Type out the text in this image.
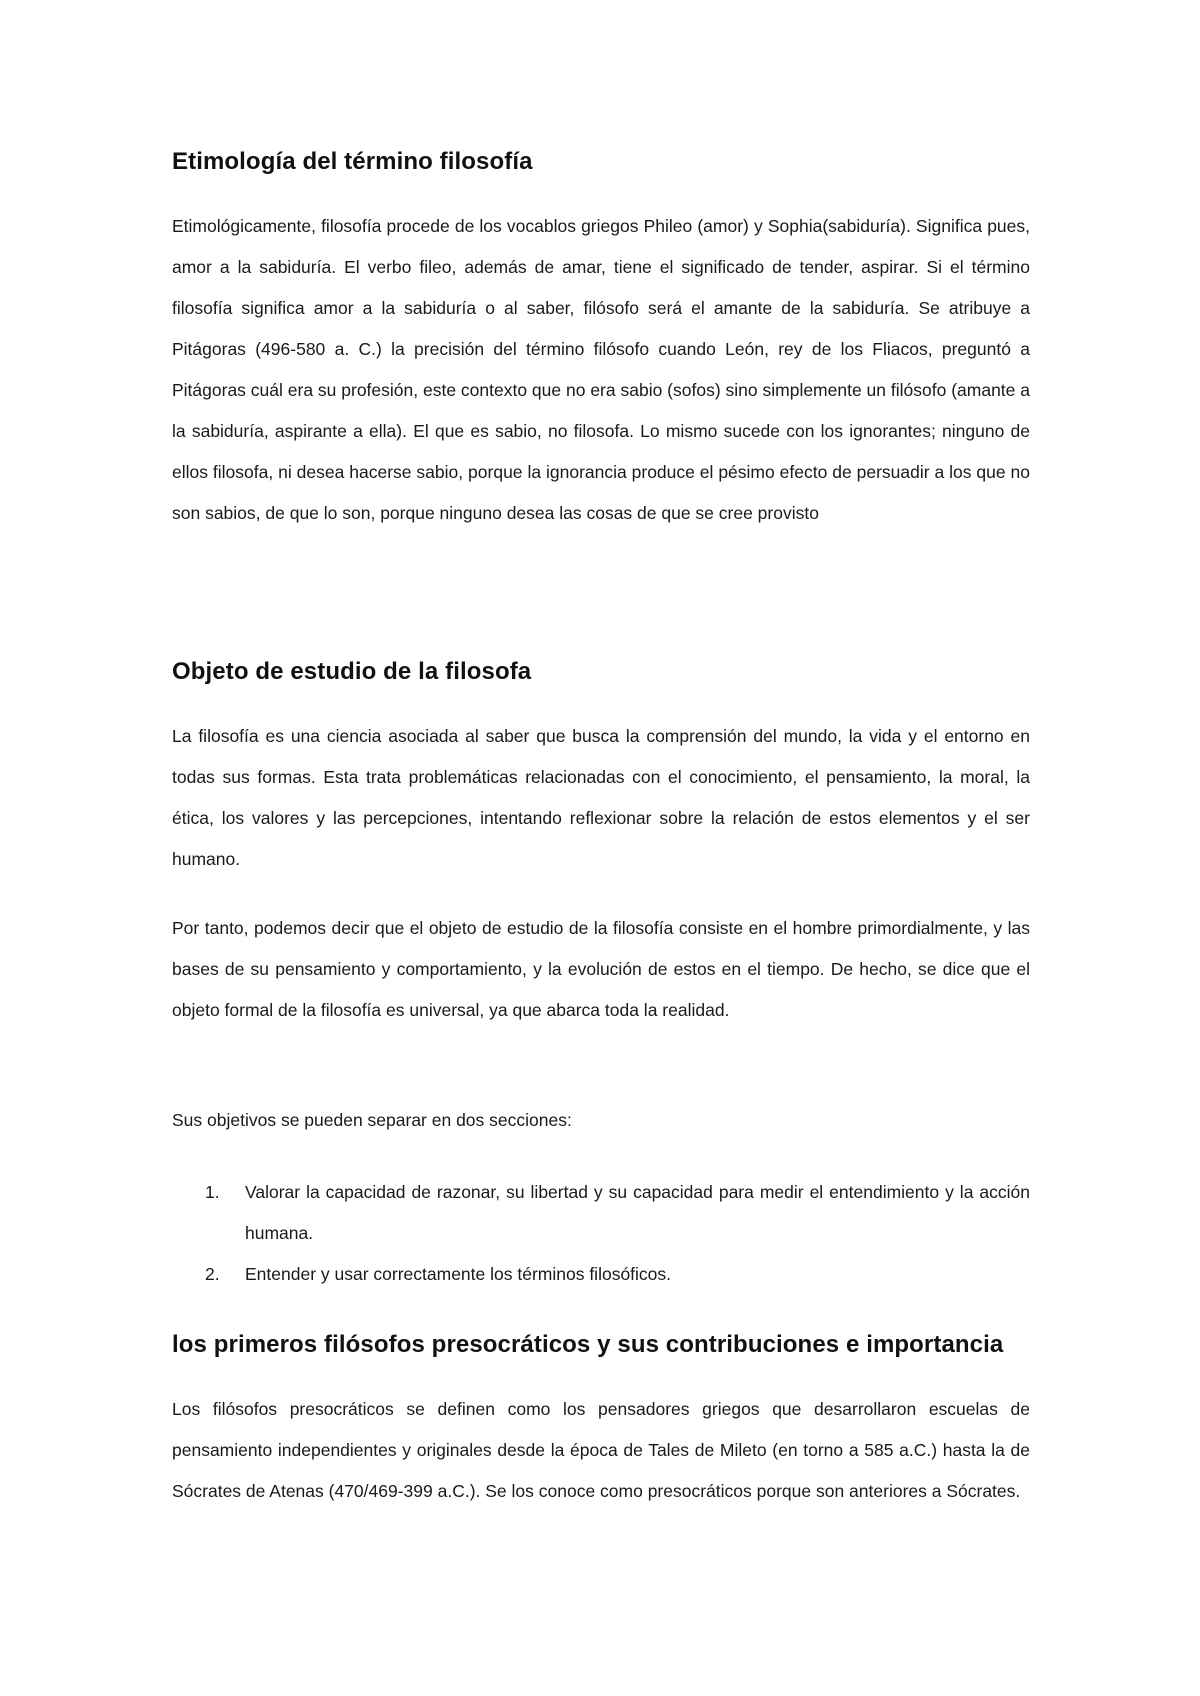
Etimología del término filosofía

Etimológicamente, filosofía procede de los vocablos griegos Phileo (amor) y Sophia(sabiduría). Significa pues, amor a la sabiduría. El verbo fileo, además de amar, tiene el significado de tender, aspirar. Si el término filosofía significa amor a la sabiduría o al saber, filósofo será el amante de la sabiduría. Se atribuye a Pitágoras (496-580 a. C.) la precisión del término filósofo cuando León, rey de los Fliacos, preguntó a Pitágoras cuál era su profesión, este contexto que no era sabio (sofos) sino simplemente un filósofo (amante a la sabiduría, aspirante a ella). El que es sabio, no filosofa. Lo mismo sucede con los ignorantes; ninguno de ellos filosofa, ni desea hacerse sabio, porque la ignorancia produce el pésimo efecto de persuadir a los que no son sabios, de que lo son, porque ninguno desea las cosas de que se cree provisto

Objeto de estudio de la filosofa

La filosofía es una ciencia asociada al saber que busca la comprensión del mundo, la vida y el entorno en todas sus formas. Esta trata problemáticas relacionadas con el conocimiento, el pensamiento, la moral, la ética, los valores y las percepciones, intentando reflexionar sobre la relación de estos elementos y el ser humano.

Por tanto, podemos decir que el objeto de estudio de la filosofía consiste en el hombre primordialmente, y las bases de su pensamiento y comportamiento, y la evolución de estos en el tiempo. De hecho, se dice que el objeto formal de la filosofía es universal, ya que abarca toda la realidad.

Sus objetivos se pueden separar en dos secciones:

1. Valorar la capacidad de razonar, su libertad y su capacidad para medir el entendimiento y la acción humana.
2. Entender y usar correctamente los términos filosóficos.
los primeros filósofos presocráticos y sus contribuciones e importancia

Los filósofos presocráticos se definen como los pensadores griegos que desarrollaron escuelas de pensamiento independientes y originales desde la época de Tales de Mileto (en torno a 585 a.C.) hasta la de Sócrates de Atenas (470/469-399 a.C.). Se los conoce como presocráticos porque son anteriores a Sócrates.
